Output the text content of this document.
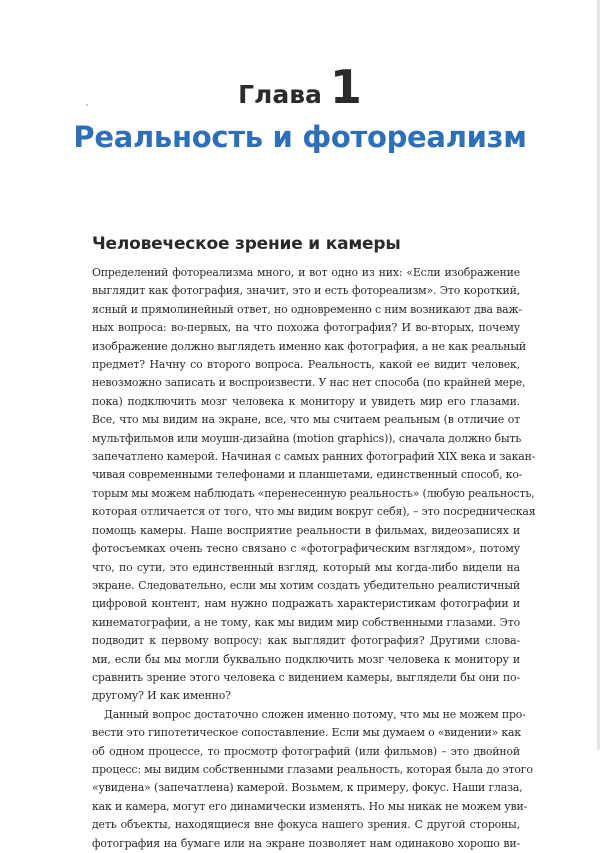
Глава 1
Реальность и фотореализм
Человеческое зрение и камеры
Определений фотореализма много, и вот одно из них: «Если изображение
выглядит как фотография, значит, это и есть фотореализм». Это короткий,
ясный и прямолинейный ответ, но одновременно с ним возникают два важ-
ных вопроса: во-первых, на что похожа фотография? И во-вторых, почему
изображение должно выглядеть именно как фотография, а не как реальный
предмет? Начну со второго вопроса. Реальность, какой ее видит человек,
невозможно записать и воспроизвести. У нас нет способа (по крайней мере,
пока) подключить мозг человека к монитору и увидеть мир его глазами.
Все, что мы видим на экране, все, что мы считаем реальным (в отличие от
мультфильмов или моушн-дизайна (motion graphics)), сначала должно быть
запечатлено камерой. Начиная с самых ранних фотографий XIX века и закан-
чивая современными телефонами и планшетами, единственный способ, ко-
торым мы можем наблюдать «перенесенную реальность» (любую реальность,
которая отличается от того, что мы видим вокруг себя), – это посредническая
помощь камеры. Наше восприятие реальности в фильмах, видеозаписях и
фотосъемках очень тесно связано с «фотографическим взглядом», потому
что, по сути, это единственный взгляд, который мы когда-либо видели на
экране. Следовательно, если мы хотим создать убедительно реалистичный
цифровой контент, нам нужно подражать характеристикам фотографии и
кинематографии, а не тому, как мы видим мир собственными глазами. Это
подводит к первому вопросу: как выглядит фотография? Другими слова-
ми, если бы мы могли буквально подключить мозг человека к монитору и
сравнить зрение этого человека с видением камеры, выглядели бы они по-
другому? И как именно?
Данный вопрос достаточно сложен именно потому, что мы не можем про-
вести это гипотетическое сопоставление. Если мы думаем о «видении» как
об одном процессе, то просмотр фотографий (или фильмов) – это двойной
процесс: мы видим собственными глазами реальность, которая была до этого
«увидена» (запечатлена) камерой. Возьмем, к примеру, фокус. Наши глаза,
как и камера, могут его динамически изменять. Но мы никак не можем уви-
деть объекты, находящиеся вне фокуса нашего зрения. С другой стороны,
фотография на бумаге или на экране позволяет нам одинаково хорошо ви-
